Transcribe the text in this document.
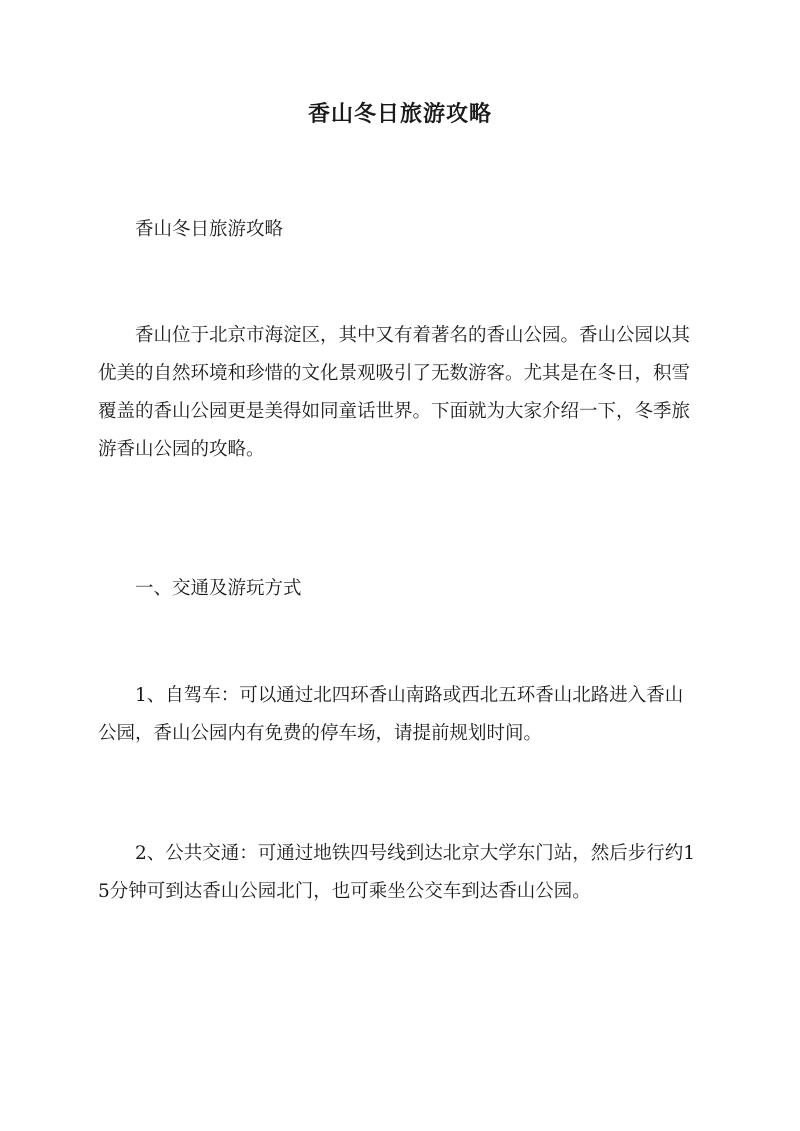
香山冬日旅游攻略

香山冬日旅游攻略

香山位于北京市海淀区，其中又有着著名的香山公园。香山公园以其优美的自然环境和珍惜的文化景观吸引了无数游客。尤其是在冬日，积雪覆盖的香山公园更是美得如同童话世界。下面就为大家介绍一下，冬季旅游香山公园的攻略。

一、交通及游玩方式

1、自驾车：可以通过北四环香山南路或西北五环香山北路进入香山公园，香山公园内有免费的停车场，请提前规划时间。

2、公共交通：可通过地铁四号线到达北京大学东门站，然后步行约15分钟可到达香山公园北门，也可乘坐公交车到达香山公园。
